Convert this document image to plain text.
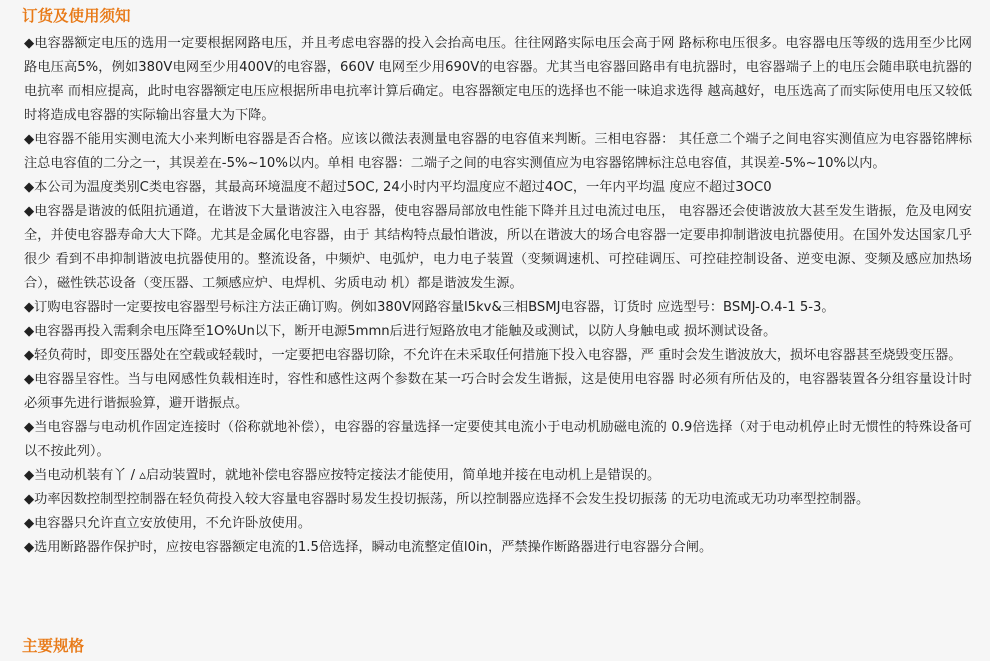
订货及使用须知

◆电容器额定电压的选用一定要根据网路电压，并且考虑电容器的投入会抬高电压。往往网路实际电压会高于网 路标称电压很多。电容器电压等级的选用至少比网路电压高5%，例如380V电网至少用400V的电容器，660V 电网至少用690V的电容器。尤其当电容器回路串有电抗器时，电容器端子上的电压会随串联电抗器的电抗率 而相应提高，此时电容器额定电压应根据所串电抗率计算后确定。电容器额定电压的选择也不能一味追求选得 越高越好，电压选高了而实际使用电压又较低时将造成电容器的实际输出容量大为下降。

◆电容器不能用实测电流大小来判断电容器是否合格。应该以微法表测量电容器的电容值来判断。三相电容器： 其任意二个端子之间电容实测值应为电容器铭牌标注总电容值的二分之一，其误差在-5%~10%以内。单相 电容器：二端子之间的电容实测值应为电容器铭牌标注总电容值，其误差-5%~10%以内。

◆本公司为温度类别C类电容器，其最高环境温度不超过5OC, 24小时内平均温度应不超过4OC，一年内平均温 度应不超过3OC0

◆电容器是谐波的低阻抗通道，在谐波下大量谐波注入电容器，使电容器局部放电性能下降并且过电流过电压， 电容器还会使谐波放大甚至发生谐振，危及电网安全，并使电容器寿命大大下降。尤其是金属化电容器，由于 其结构特点最怕谐波，所以在谐波大的场合电容器一定要串抑制谐波电抗器使用。在国外发达国家几乎很少 看到不串抑制谐波电抗器使用的。整流设备，中频炉、电弧炉，电力电子装置（变频调速机、可控硅调压、可控硅控制设备、逆变电源、变频及感应加热场合），磁性铁芯设备（变压器、工频感应炉、电焊机、劣质电动 机）都是谐波发生源。

◆订购电容器时一定要按电容器型号标注方法正确订购。例如380V网路容量l5kv&三相BSMJ电容器，订货时 应选型号：BSMJ-O.4-1 5-3。

◆电容器再投入需剩余电压降至1O%Un以下，断开电源5mmn后进行短路放电才能触及或测试，以防人身触电或 损坏测试设备。

◆轻负荷时，即变压器处在空载或轻载时，一定要把电容器切除，不允许在未采取任何措施下投入电容器，严 重时会发生谐波放大，损坏电容器甚至烧毁变压器。

◆电容器呈容性。当与电网感性负载相连时，容性和感性这两个参数在某一巧合时会发生谐振，这是使用电容器 时必须有所估及的，电容器装置各分组容量设计时必须事先进行谐振验算，避开谐振点。

◆当电容器与电动机作固定连接时（俗称就地补偿），电容器的容量选择一定要使其电流小于电动机励磁电流的 0.9倍选择（对于电动机停止时无惯性的特殊设备可以不按此列）。

◆当电动机装有丫 / ▵启动装置时，就地补偿电容器应按特定接法才能使用，简单地并接在电动机上是错误的。

◆功率因数控制型控制器在轻负荷投入较大容量电容器时易发生投切振荡，所以控制器应选择不会发生投切振荡 的无功电流或无功功率型控制器。

◆电容器只允许直立安放使用，不允许卧放使用。

◆选用断路器作保护时，应按电容器额定电流的1.5倍选择，瞬动电流整定值l0in，严禁操作断路器进行电容器分合闸。

主要规格
